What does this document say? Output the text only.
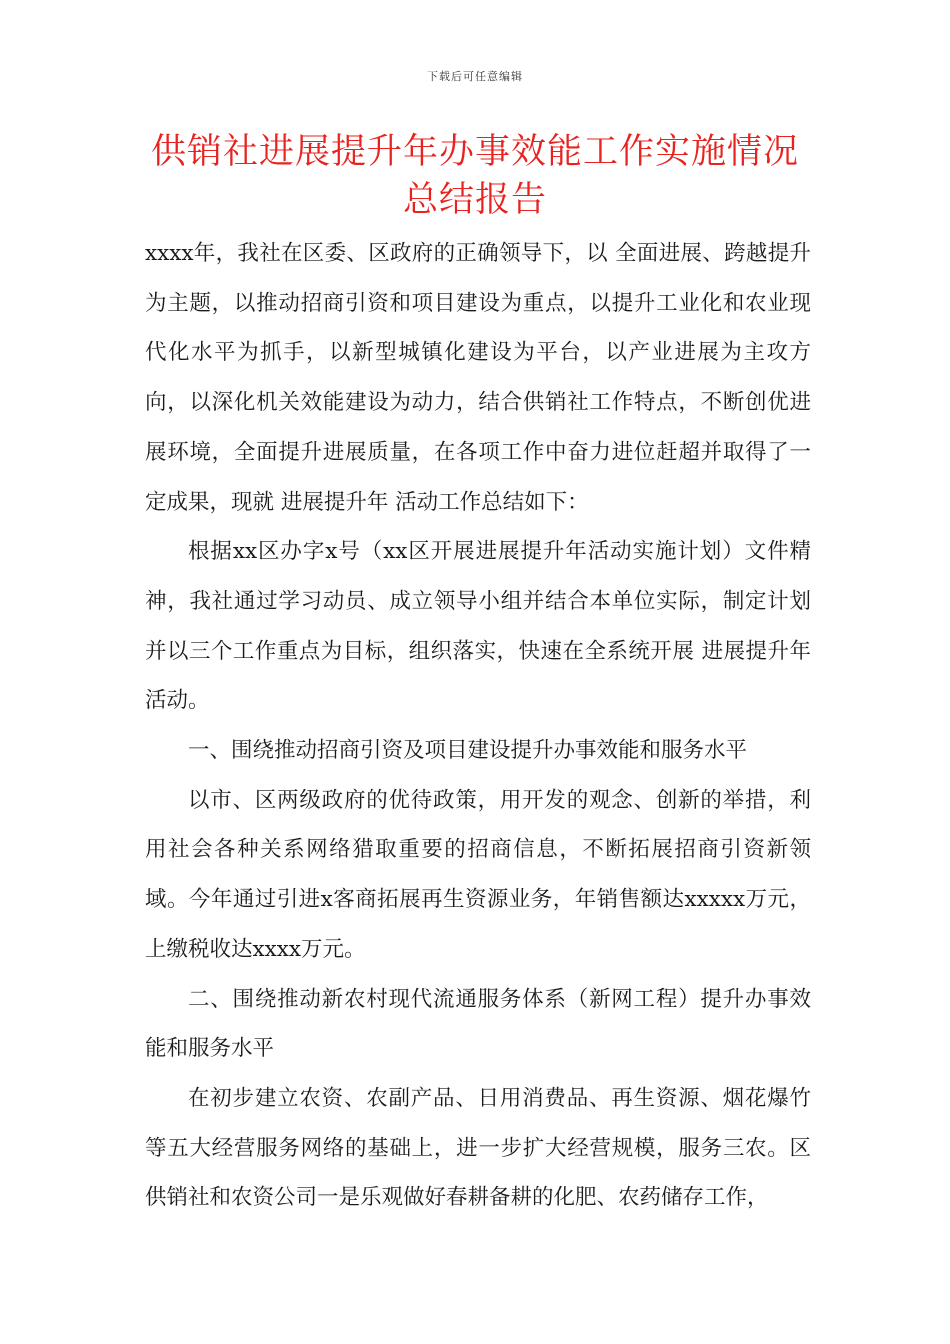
下载后可任意编辑
供销社进展提升年办事效能工作实施情况
总结报告

xxxx年，我社在区委、区政府的正确领导下，以 全面进展、跨越提升 为主题，以推动招商引资和项目建设为重点，以提升工业化和农业现代化水平为抓手，以新型城镇化建设为平台，以产业进展为主攻方向，以深化机关效能建设为动力，结合供销社工作特点，不断创优进展环境，全面提升进展质量，在各项工作中奋力进位赶超并取得了一定成果，现就 进展提升年 活动工作总结如下：

根据xx区办字x号（xx区开展进展提升年活动实施计划）文件精神，我社通过学习动员、成立领导小组并结合本单位实际，制定计划并以三个工作重点为目标，组织落实，快速在全系统开展 进展提升年 活动。

一、围绕推动招商引资及项目建设提升办事效能和服务水平

以市、区两级政府的优待政策，用开发的观念、创新的举措，利用社会各种关系网络猎取重要的招商信息，不断拓展招商引资新领域。今年通过引进x客商拓展再生资源业务，年销售额达xxxxx万元，上缴税收达xxxx万元。

二、围绕推动新农村现代流通服务体系（新网工程）提升办事效能和服务水平

在初步建立农资、农副产品、日用消费品、再生资源、烟花爆竹等五大经营服务网络的基础上，进一步扩大经营规模，服务三农。区供销社和农资公司一是乐观做好春耕备耕的化肥、农药储存工作，
